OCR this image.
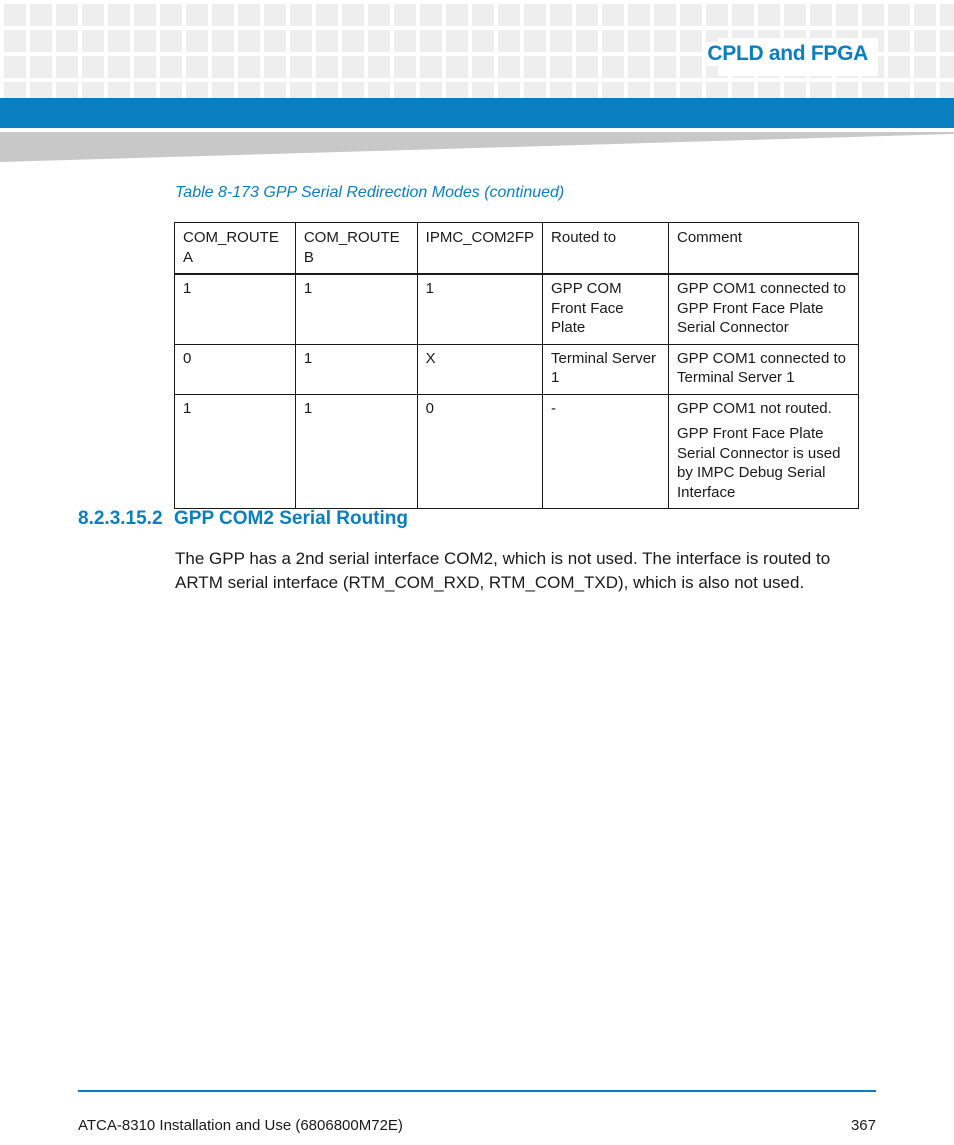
CPLD and FPGA
Table 8-173 GPP Serial Redirection Modes (continued)
COM_ROUTE A	COM_ROUTE B	IPMC_COM2FP	Routed to	Comment
1	1	1	GPP COM Front Face Plate	GPP COM1 connected to GPP Front Face Plate Serial Connector

0	1	X	Terminal Server 1	GPP COM1 connected to Terminal Server 1

1	1	0	-	GPP COM1 not routed.
GPP Front Face Plate Serial Connector is used by IMPC Debug Serial Interface
8.2.3.15.2 GPP COM2 Serial Routing
The GPP has a 2nd serial interface COM2, which is not used. The interface is routed to ARTM serial interface (RTM_COM_RXD, RTM_COM_TXD), which is also not used.
ATCA-8310 Installation and Use (6806800M72E)	367
